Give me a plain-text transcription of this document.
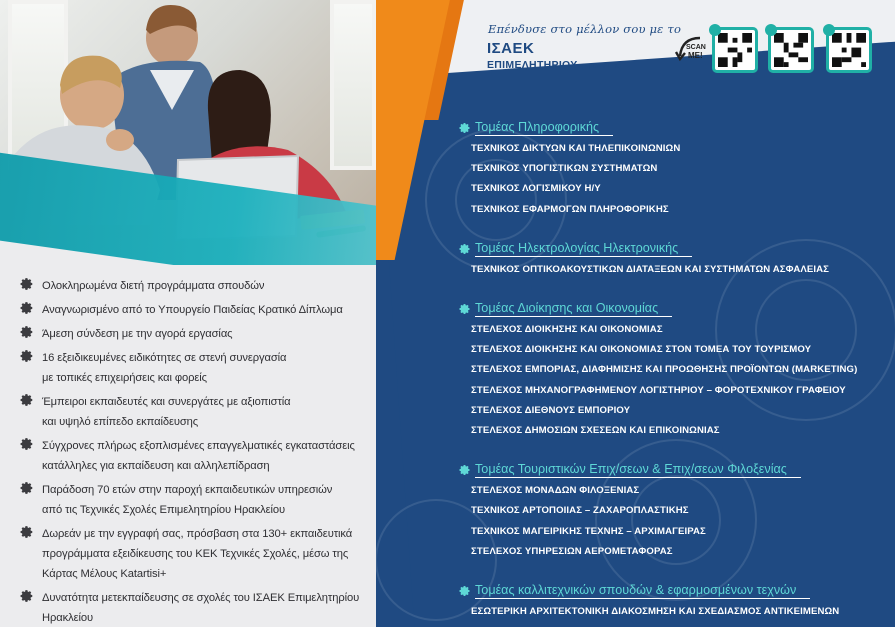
Ολοκληρωμένα διετή προγράμματα σπουδών
Αναγνωρισμένο από το Υπουργείο Παιδείας Κρατικό Δίπλωμα
Άμεση σύνδεση με την αγορά εργασίας
16 εξειδικευμένες ειδικότητες σε στενή συνεργασία
με τοπικές επιχειρήσεις και φορείς
Έμπειροι εκπαιδευτές και συνεργάτες με αξιοπιστία
και υψηλό επίπεδο εκπαίδευσης
Σύγχρονες πλήρως εξοπλισμένες επαγγελματικές εγκαταστάσεις
κατάλληλες για εκπαίδευση και αλληλεπίδραση
Παράδοση 70 ετών στην παροχή εκπαιδευτικών υπηρεσιών
από τις Τεχνικές Σχολές Επιμελητηρίου Ηρακλείου
Δωρεάν με την εγγραφή σας, πρόσβαση στα 130+ εκπαιδευτικά
προγράμματα εξειδίκευσης του ΚΕΚ Τεχνικές Σχολές, μέσω της
Κάρτας Μέλους Katartisi+
Δυνατότητα μετεκπαίδευσης σε σχολές του ΙΣΑΕΚ Επιμελητηρίου
Ηρακλείου
Επένδυσε στο μέλλον σου με το
ΙΣΑΕΚ
ΕΠΙΜΕΛΗΤΗΡΙΟΥ (πρώην ΙΕΚ)
SCAN
ME!
Τομέας Πληροφορικής
ΤΕΧΝΙΚΟΣ ΔΙΚΤΥΩΝ ΚΑΙ ΤΗΛΕΠΙΚΟΙΝΩΝΙΩΝ
ΤΕΧΝΙΚΟΣ ΥΠΟΓΙΣΤΙΚΩΝ ΣΥΣΤΗΜΑΤΩΝ
ΤΕΧΝΙΚΟΣ ΛΟΓΙΣΜΙΚΟΥ Η/Υ
ΤΕΧΝΙΚΟΣ ΕΦΑΡΜΟΓΩΝ ΠΛΗΡΟΦΟΡΙΚΗΣ
Τομέας Ηλεκτρολογίας Ηλεκτρονικής
ΤΕΧΝΙΚΟΣ ΟΠΤΙΚΟΑΚΟΥΣΤΙΚΩΝ ΔΙΑΤΑΞΕΩΝ ΚΑΙ ΣΥΣΤΗΜΑΤΩΝ ΑΣΦΑΛΕΙΑΣ
Τομέας Διοίκησης και Οικονομίας
ΣΤΕΛΕΧΟΣ ΔΙΟΙΚΗΣΗΣ ΚΑΙ ΟΙΚΟΝΟΜΙΑΣ
ΣΤΕΛΕΧΟΣ ΔΙΟΙΚΗΣΗΣ ΚΑΙ ΟΙΚΟΝΟΜΙΑΣ ΣΤΟΝ ΤΟΜΕΑ ΤΟΥ ΤΟΥΡΙΣΜΟΥ
ΣΤΕΛΕΧΟΣ ΕΜΠΟΡΙΑΣ, ΔΙΑΦΗΜΙΣΗΣ ΚΑΙ ΠΡΟΩΘΗΣΗΣ ΠΡΟΪΟΝΤΩΝ (MARKETING)
ΣΤΕΛΕΧΟΣ ΜΗΧΑΝΟΓΡΑΦΗΜΕΝΟΥ ΛΟΓΙΣΤΗΡΙΟΥ – ΦΟΡΟΤΕΧΝΙΚΟΥ ΓΡΑΦΕΙΟΥ
ΣΤΕΛΕΧΟΣ ΔΙΕΘΝΟΥΣ ΕΜΠΟΡΙΟΥ
ΣΤΕΛΕΧΟΣ ΔΗΜΟΣΙΩΝ ΣΧΕΣΕΩΝ ΚΑΙ ΕΠΙΚΟΙΝΩΝΙΑΣ
Τομέας Τουριστικών Επιχ/σεων & Επιχ/σεων Φιλοξενίας
ΣΤΕΛΕΧΟΣ ΜΟΝΑΔΩΝ ΦΙΛΟΞΕΝΙΑΣ
ΤΕΧΝΙΚΟΣ ΑΡΤΟΠΟΙΙΑΣ – ΖΑΧΑΡΟΠΛΑΣΤΙΚΗΣ
ΤΕΧΝΙΚΟΣ ΜΑΓΕΙΡΙΚΗΣ ΤΕΧΝΗΣ – ΑΡΧΙΜΑΓΕΙΡΑΣ
ΣΤΕΛΕΧΟΣ ΥΠΗΡΕΣΙΩΝ ΑΕΡΟΜΕΤΑΦΟΡΑΣ
Τομέας καλλιτεχνικών σπουδών & εφαρμοσμένων τεχνών
ΕΣΩΤΕΡΙΚΗ ΑΡΧΙΤΕΚΤΟΝΙΚΗ ΔΙΑΚΟΣΜΗΣΗ ΚΑΙ ΣΧΕΔΙΑΣΜΟΣ ΑΝΤΙΚΕΙΜΕΝΩΝ
